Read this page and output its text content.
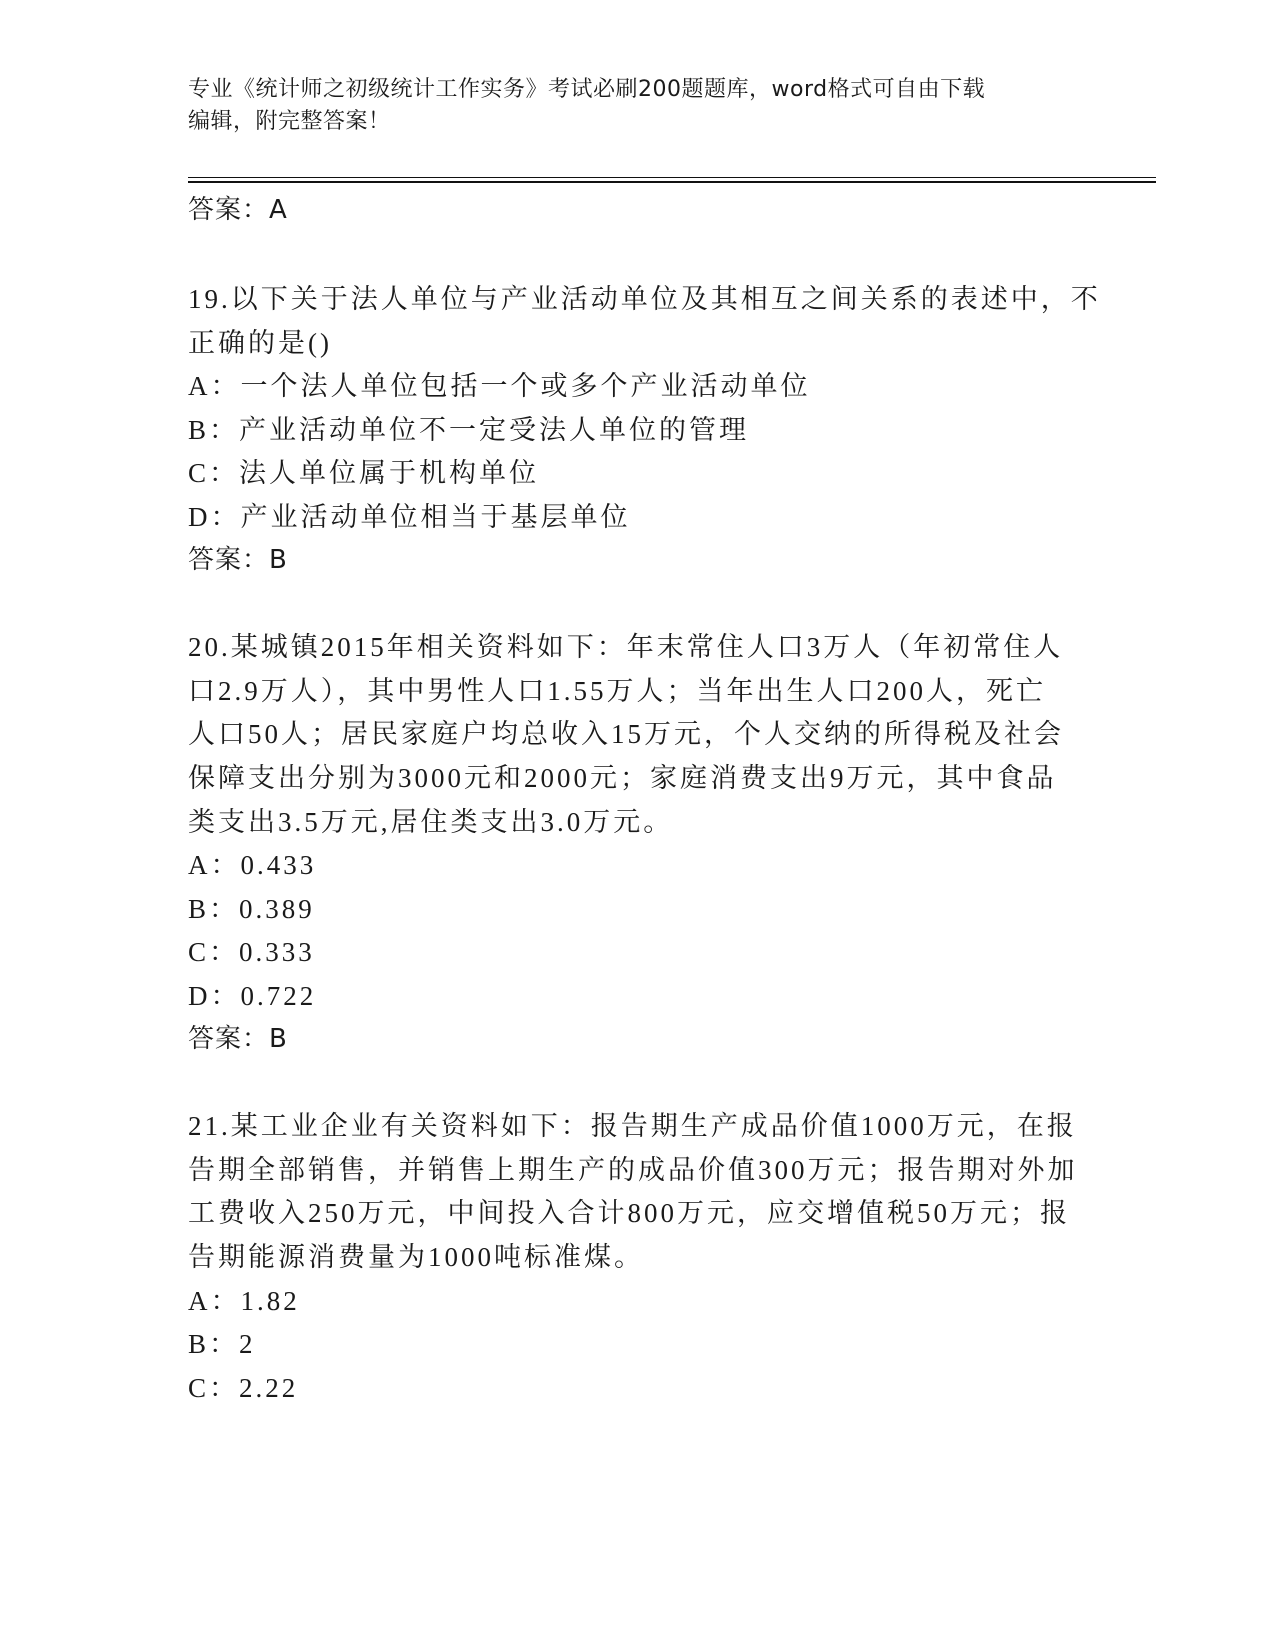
专业《统计师之初级统计工作实务》考试必刷200题题库，word格式可自由下载
编辑，附完整答案！
答案：A
19.以下关于法人单位与产业活动单位及其相互之间关系的表述中，不
正确的是()
A：一个法人单位包括一个或多个产业活动单位
B：产业活动单位不一定受法人单位的管理
C：法人单位属于机构单位
D：产业活动单位相当于基层单位
答案：B
20.某城镇2015年相关资料如下：年末常住人口3万人（年初常住人
口2.9万人），其中男性人口1.55万人；当年出生人口200人，死亡
人口50人；居民家庭户均总收入15万元，个人交纳的所得税及社会
保障支出分别为3000元和2000元；家庭消费支出9万元，其中食品
类支出3.5万元,居住类支出3.0万元。
A：0.433
B：0.389
C：0.333
D：0.722
答案：B
21.某工业企业有关资料如下：报告期生产成品价值1000万元，在报
告期全部销售，并销售上期生产的成品价值300万元；报告期对外加
工费收入250万元，中间投入合计800万元，应交增值税50万元；报
告期能源消费量为1000吨标准煤。
A：1.82
B：2
C：2.22
